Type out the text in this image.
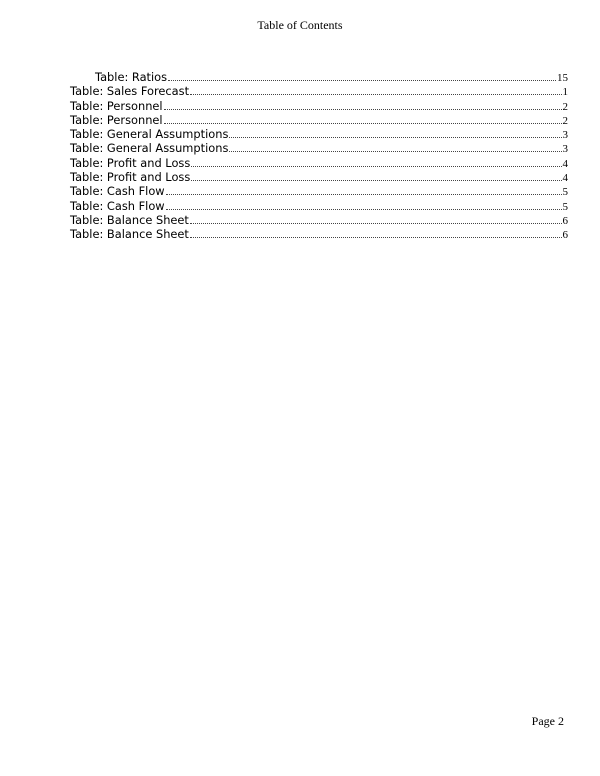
Table of Contents
Table: Ratios	15
Table: Sales Forecast	1
Table: Personnel	2
Table: Personnel	2
Table: General Assumptions	3
Table: General Assumptions	3
Table: Profit and Loss	4
Table: Profit and Loss	4
Table: Cash Flow	5
Table: Cash Flow	5
Table: Balance Sheet	6
Table: Balance Sheet	6
Page 2
